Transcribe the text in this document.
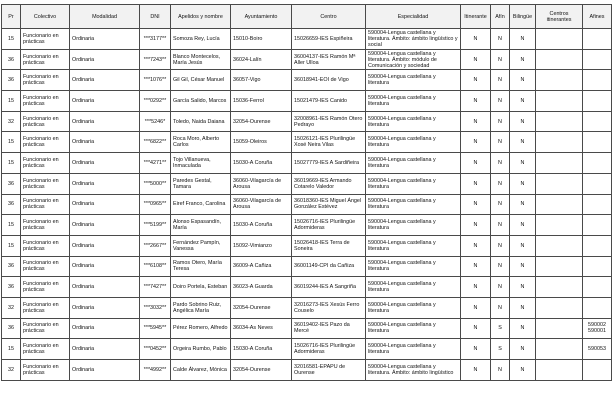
Pr	Colectivo	Modalidad	DNI	Apelidos y nombre	Ayuntamiento	Centro	Especialidad	Itinerante	Afín	Bilingüe	Centros itinerantes	Afines
15	Funcionario en prácticas	Ordinaria	***3177**	Somoza Rey, Lucía	15010-Boiro	15026659-IES Espiñeira	590004-Lengua castellana y literatura. Ámbito: ámbito lingüístico y social	N	N	N		
36	Funcionario en prácticas	Ordinaria	***7243**	Blanco Montecelos, María Jesús	36024-Lalín	36004137-IES Ramón Mª Aller Ulloa	590004-Lengua castellana y literatura. Ámbito: módulo de Comunicación y sociedad	N	N	N		
36	Funcionario en prácticas	Ordinaria	***1076**	Gil Gil, César Manuel	36057-Vigo	36018941-EOI de Vigo	590004-Lengua castellana y literatura	N	N	N		
15	Funcionario en prácticas	Ordinaria	***0292**	García Salido, Marcos	15036-Ferrol	15021479-IES Canido	590004-Lengua castellana y literatura	N	N	N		
32	Funcionario en prácticas	Ordinaria	***5246*	Toledo, Naida Daiana	32054-Ourense	32008961-IES Ramón Otero Pedrayo	590004-Lengua castellana y literatura	N	N	N		
15	Funcionario en prácticas	Ordinaria	***6822**	Roca Moro, Alberto Carlos	15059-Oleiros	15026121-IES Plurilingüe Xosé Neira Vilas	590004-Lengua castellana y literatura	N	N	N		
15	Funcionario en prácticas	Ordinaria	***4271**	Tojo Villanueva, Inmaculada	15030-A Coruña	15027779-IES A Sardiñeira	590004-Lengua castellana y literatura	N	N	N		
36	Funcionario en prácticas	Ordinaria	***5000**	Paredes Gestal, Tamara	36060-Vilagarcía de Arousa	36019669-IES Armando Cotarelo Valedor	590004-Lengua castellana y literatura	N	N	N		
36	Funcionario en prácticas	Ordinaria	***0965**	Eiref Franco, Carolina	36060-Vilagarcía de Arousa	36018360-IES Miguel Ángel González Estévez	590004-Lengua castellana y literatura	N	N	N		
15	Funcionario en prácticas	Ordinaria	***5199**	Alonso Espasandín, María	15030-A Coruña	15026716-IES Plurilingüe Adormideras	590004-Lengua castellana y literatura	N	N	N		
15	Funcionario en prácticas	Ordinaria	***2667**	Fernández Pampín, Vanessa	15092-Vimianzo	15026418-IES Terra de Soneira	590004-Lengua castellana y literatura	N	N	N		
36	Funcionario en prácticas	Ordinaria	***6108**	Ramos Otero, María Teresa	36009-A Cañiza	36001149-CPI da Cañiza	590004-Lengua castellana y literatura	N	N	N		
36	Funcionario en prácticas	Ordinaria	***7427**	Doiro Portela, Esteban	36023-A Guarda	36019244-IES A Sangriña	590004-Lengua castellana y literatura	N	N	N		
32	Funcionario en prácticas	Ordinaria	***3032**	Pardo Sobrino Ruiz, Angélica María	32054-Ourense	32016273-IES Xesús Ferro Couselo	590004-Lengua castellana y literatura	N	N	N		
36	Funcionario en prácticas	Ordinaria	***5945**	Pérez Romero, Alfredo	36034-As Neves	36019402-IES Pazo da Mercé	590004-Lengua castellana y literatura	N	S	N		590002 590001
15	Funcionario en prácticas	Ordinaria	***0452**	Orgeira Rumbo, Pablo	15030-A Coruña	15026716-IES Plurilingüe Adormideras	590004-Lengua castellana y literatura	N	S	N		590053
32	Funcionario en prácticas	Ordinaria	***4992**	Calde Álvarez, Mónica	32054-Ourense	32016581-EPAPU de Ourense	590004-Lengua castellana y literatura. Ámbito: ámbito lingüístico	N	N	N		
